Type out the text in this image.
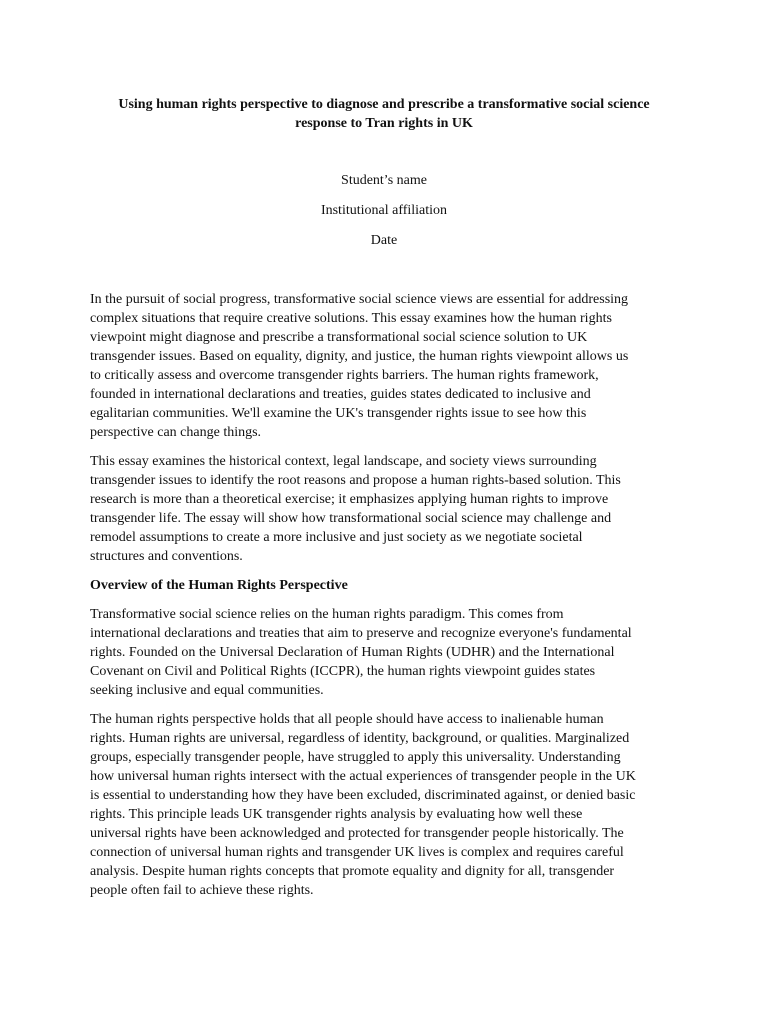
Using human rights perspective to diagnose and prescribe a transformative social science
response to Tran rights in UK

Student’s name

Institutional affiliation

Date

In the pursuit of social progress, transformative social science views are essential for addressing
complex situations that require creative solutions. This essay examines how the human rights
viewpoint might diagnose and prescribe a transformational social science solution to UK
transgender issues. Based on equality, dignity, and justice, the human rights viewpoint allows us
to critically assess and overcome transgender rights barriers. The human rights framework,
founded in international declarations and treaties, guides states dedicated to inclusive and
egalitarian communities. We'll examine the UK's transgender rights issue to see how this
perspective can change things.

This essay examines the historical context, legal landscape, and society views surrounding
transgender issues to identify the root reasons and propose a human rights-based solution. This
research is more than a theoretical exercise; it emphasizes applying human rights to improve
transgender life. The essay will show how transformational social science may challenge and
remodel assumptions to create a more inclusive and just society as we negotiate societal
structures and conventions.

Overview of the Human Rights Perspective

Transformative social science relies on the human rights paradigm. This comes from
international declarations and treaties that aim to preserve and recognize everyone's fundamental
rights. Founded on the Universal Declaration of Human Rights (UDHR) and the International
Covenant on Civil and Political Rights (ICCPR), the human rights viewpoint guides states
seeking inclusive and equal communities.

The human rights perspective holds that all people should have access to inalienable human
rights. Human rights are universal, regardless of identity, background, or qualities. Marginalized
groups, especially transgender people, have struggled to apply this universality. Understanding
how universal human rights intersect with the actual experiences of transgender people in the UK
is essential to understanding how they have been excluded, discriminated against, or denied basic
rights. This principle leads UK transgender rights analysis by evaluating how well these
universal rights have been acknowledged and protected for transgender people historically. The
connection of universal human rights and transgender UK lives is complex and requires careful
analysis. Despite human rights concepts that promote equality and dignity for all, transgender
people often fail to achieve these rights.
